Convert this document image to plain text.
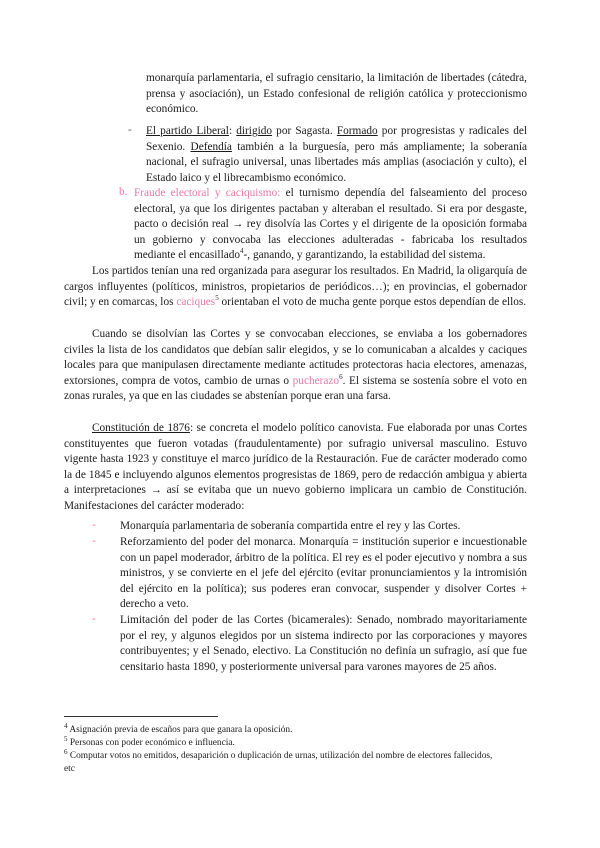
monarquía parlamentaria, el sufragio censitario, la limitación de libertades (cátedra, prensa y asociación), un Estado confesional de religión católica y proteccionismo económico.

- El partido Liberal: dirigido por Sagasta. Formado por progresistas y radicales del Sexenio. Defendía también a la burguesía, pero más ampliamente; la soberanía nacional, el sufragio universal, unas libertades más amplias (asociación y culto), el Estado laico y el librecambismo económico.

b. Fraude electoral y caciquismo: el turnismo dependía del falseamiento del proceso electoral, ya que los dirigentes pactaban y alteraban el resultado. Si era por desgaste, pacto o decisión real → rey disolvía las Cortes y el dirigente de la oposición formaba un gobierno y convocaba las elecciones adulteradas - fabricaba los resultados mediante el encasillado$^4$-, ganando, y garantizando, la estabilidad del sistema.

Los partidos tenían una red organizada para asegurar los resultados. En Madrid, la oligarquía de cargos influyentes (políticos, ministros, propietarios de periódicos…); en provincias, el gobernador civil; y en comarcas, los caciques$^5$ orientaban el voto de mucha gente porque estos dependían de ellos.

Cuando se disolvían las Cortes y se convocaban elecciones, se enviaba a los gobernadores civiles la lista de los candidatos que debían salir elegidos, y se lo comunicaban a alcaldes y caciques locales para que manipulasen directamente mediante actitudes protectoras hacia electores, amenazas, extorsiones, compra de votos, cambio de urnas o pucherazo$^6$. El sistema se sostenía sobre el voto en zonas rurales, ya que en las ciudades se abstenían porque eran una farsa.

Constitución de 1876: se concreta el modelo político canovista. Fue elaborada por unas Cortes constituyentes que fueron votadas (fraudulentamente) por sufragio universal masculino. Estuvo vigente hasta 1923 y constituye el marco jurídico de la Restauración. Fue de carácter moderado como la de 1845 e incluyendo algunos elementos progresistas de 1869, pero de redacción ambigua y abierta a interpretaciones → así se evitaba que un nuevo gobierno implicara un cambio de Constitución. Manifestaciones del carácter moderado:

- Monarquía parlamentaria de soberanía compartida entre el rey y las Cortes.

- Reforzamiento del poder del monarca. Monarquía = institución superior e incuestionable con un papel moderador, árbitro de la política. El rey es el poder ejecutivo y nombra a sus ministros, y se convierte en el jefe del ejército (evitar pronunciamientos y la intromisión del ejército en la política); sus poderes eran convocar, suspender y disolver Cortes + derecho a veto.

- Limitación del poder de las Cortes (bicamerales): Senado, nombrado mayoritariamente por el rey, y algunos elegidos por un sistema indirecto por las corporaciones y mayores contribuyentes; y el Senado, electivo. La Constitución no definía un sufragio, así que fue censitario hasta 1890, y posteriormente universal para varones mayores de 25 años.

$^4$ Asignación previa de escaños para que ganara la oposición.

$^5$ Personas con poder económico e influencia.

$^6$ Computar votos no emitidos, desaparición o duplicación de urnas, utilización del nombre de electores fallecidos, etc
